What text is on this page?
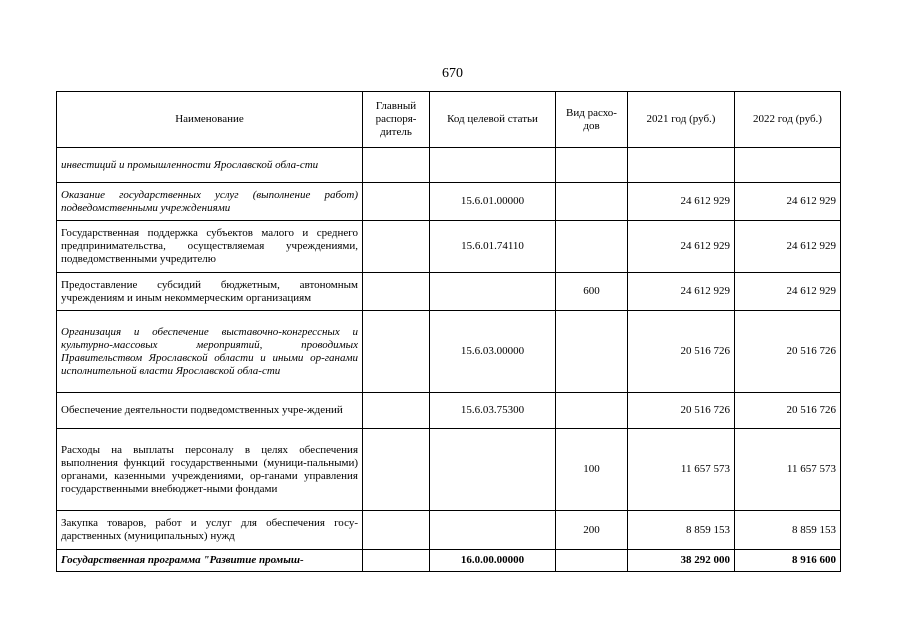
670
Наименование	Главный распоря-дитель	Код целевой статьи	Вид расхо-дов	2021 год (руб.)	2022 год (руб.)
инвестиций и промышленности Ярославской обла-сти					
Оказание государственных услуг (выполнение работ) подведомственными учреждениями		15.6.01.00000		24 612 929	24 612 929
Государственная поддержка субъектов малого и среднего предпринимательства, осуществляемая учреждениями, подведомственными учредителю		15.6.01.74110		24 612 929	24 612 929
Предоставление субсидий бюджетным, автономным учреждениям и иным некоммерческим организациям			600	24 612 929	24 612 929
Организация и обеспечение выставочно-конгрессных и культурно-массовых мероприятий, проводимых Правительством Ярославской области и иными ор-ганами исполнительной власти Ярославской обла-сти		15.6.03.00000		20 516 726	20 516 726
Обеспечение деятельности подведомственных учре-ждений		15.6.03.75300		20 516 726	20 516 726
Расходы на выплаты персоналу в целях обеспечения выполнения функций государственными (муници-пальными) органами, казенными учреждениями, ор-ганами управления государственными внебюджет-ными фондами			100	11 657 573	11 657 573
Закупка товаров, работ и услуг для обеспечения госу-дарственных (муниципальных) нужд			200	8 859 153	8 859 153
Государственная программа "Развитие промыш-		16.0.00.00000		38 292 000	8 916 600
